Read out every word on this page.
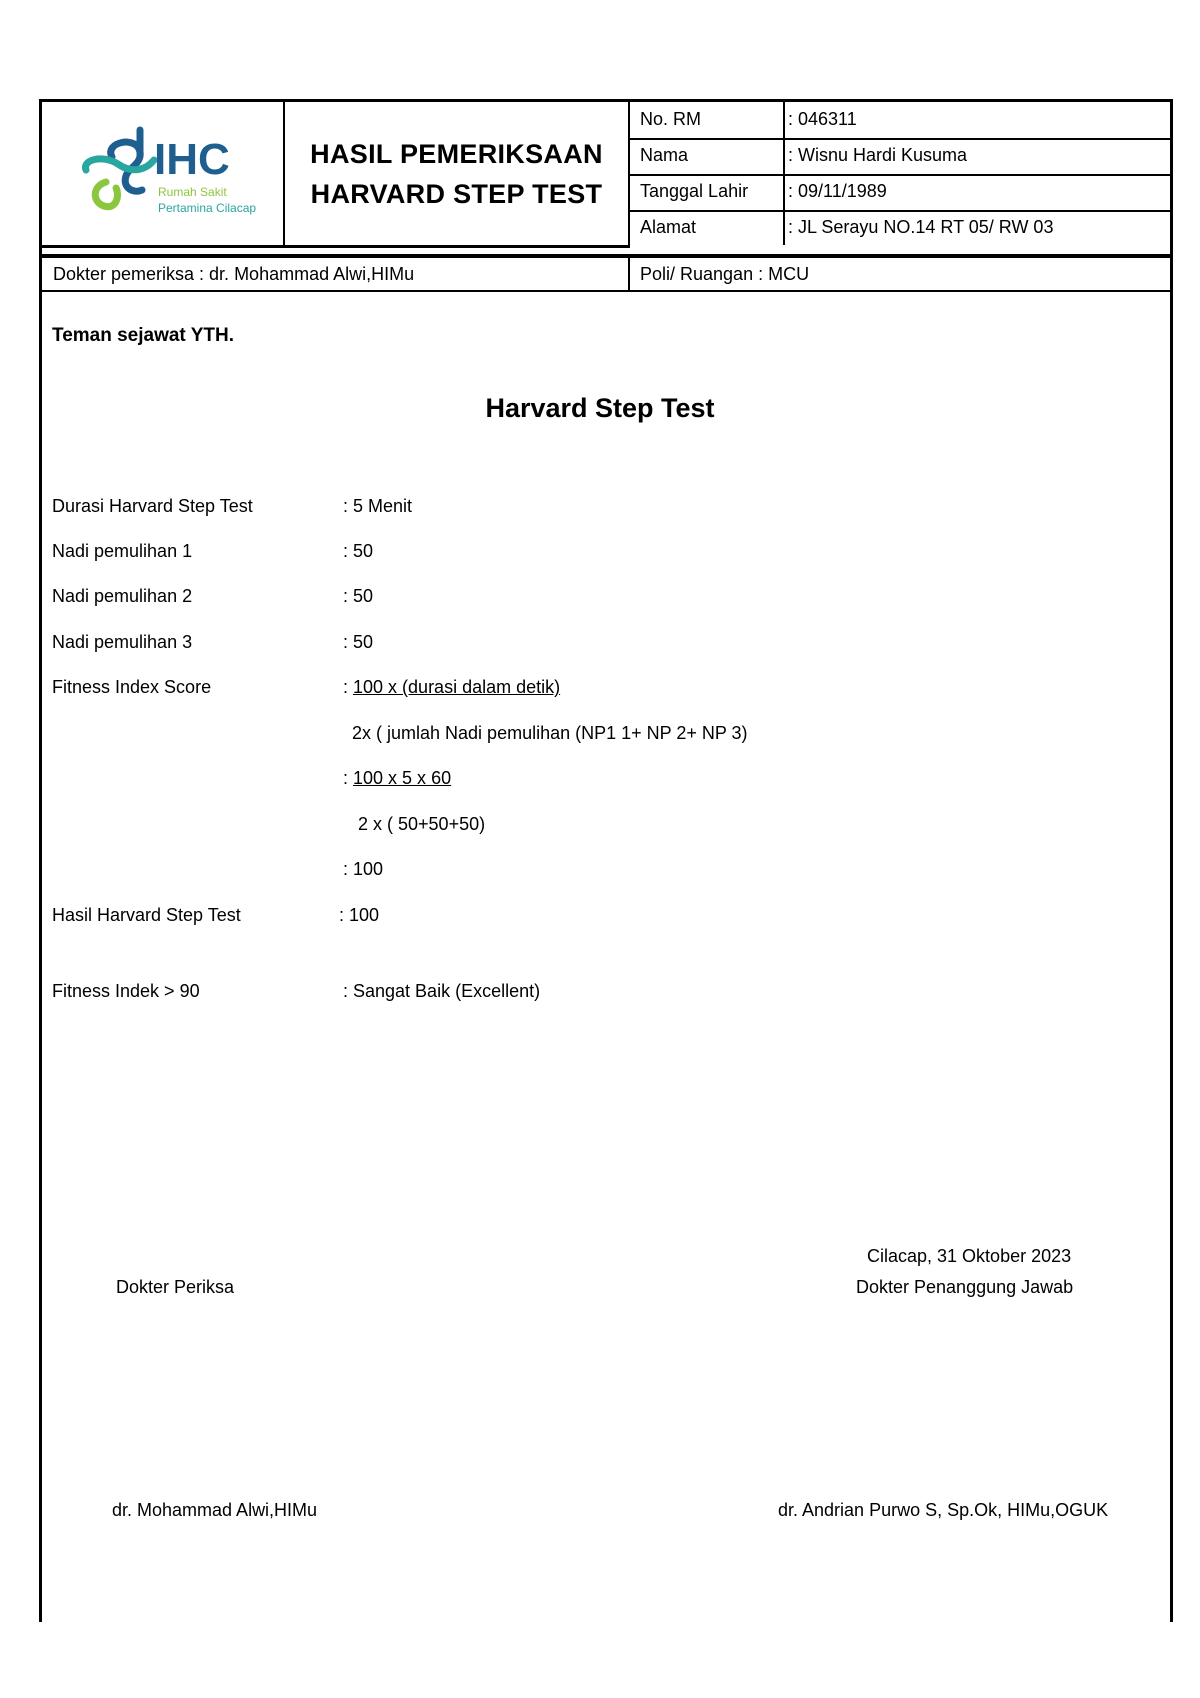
IHC
Rumah Sakit
Pertamina Cilacap
HASIL PEMERIKSAAN
HARVARD STEP TEST
No. RM	: 046311
Nama	: Wisnu Hardi Kusuma
Tanggal Lahir : 09/11/1989
Alamat	: JL Serayu NO.14 RT 05/ RW 03
Dokter pemeriksa : dr. Mohammad Alwi,HIMu	Poli/ Ruangan : MCU
Teman sejawat YTH.
Harvard Step Test
Durasi Harvard Step Test	: 5 Menit
Nadi pemulihan 1	: 50
Nadi pemulihan 2	: 50
Nadi pemulihan 3	: 50
Fitness Index Score	: 100 x (durasi dalam detik)
2x ( jumlah Nadi pemulihan (NP1 1+ NP 2+ NP 3)
: 100 x 5 x 60
2 x ( 50+50+50)
: 100
Hasil Harvard Step Test	: 100
Fitness Indek > 90	: Sangat Baik (Excellent)
Cilacap, 31 Oktober 2023
Dokter Periksa	Dokter Penanggung Jawab
dr. Mohammad Alwi,HIMu	dr. Andrian Purwo S, Sp.Ok, HIMu,OGUK
